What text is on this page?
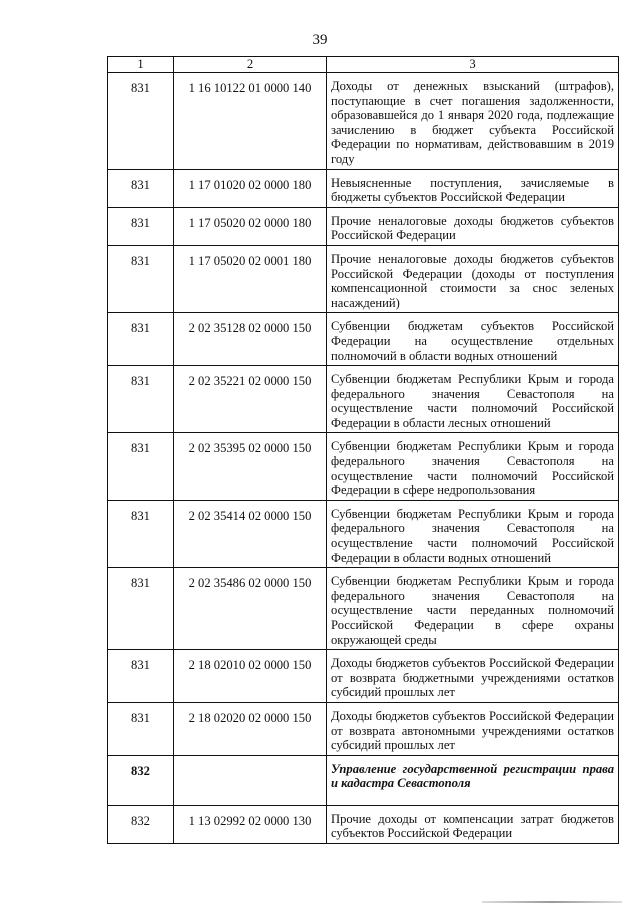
39
1	2	3
831	1 16 10122 01 0000 140	Доходы от денежных взысканий (штрафов), поступающие в счет погашения задолженности, образовавшейся до 1 января 2020 года, подлежащие зачислению в бюджет субъекта Российской Федерации по нормативам, действовавшим в 2019 году
831	1 17 01020 02 0000 180	Невыясненные поступления, зачисляемые в бюджеты субъектов Российской Федерации
831	1 17 05020 02 0000 180	Прочие неналоговые доходы бюджетов субъектов Российской Федерации
831	1 17 05020 02 0001 180	Прочие неналоговые доходы бюджетов субъектов Российской Федерации (доходы от поступления компенсационной стоимости за снос зеленых насаждений)
831	2 02 35128 02 0000 150	Субвенции бюджетам субъектов Российской Федерации на осуществление отдельных полномочий в области водных отношений
831	2 02 35221 02 0000 150	Субвенции бюджетам Республики Крым и города федерального значения Севастополя на осуществление части полномочий Российской Федерации в области лесных отношений
831	2 02 35395 02 0000 150	Субвенции бюджетам Республики Крым и города федерального значения Севастополя на осуществление части полномочий Российской Федерации в сфере недропользования
831	2 02 35414 02 0000 150	Субвенции бюджетам Республики Крым и города федерального значения Севастополя на осуществление части полномочий Российской Федерации в области водных отношений
831	2 02 35486 02 0000 150	Субвенции бюджетам Республики Крым и города федерального значения Севастополя на осуществление части переданных полномочий Российской Федерации в сфере охраны окружающей среды
831	2 18 02010 02 0000 150	Доходы бюджетов субъектов Российской Федерации от возврата бюджетными учреждениями остатков субсидий прошлых лет
831	2 18 02020 02 0000 150	Доходы бюджетов субъектов Российской Федерации от возврата автономными учреждениями остатков субсидий прошлых лет
832		Управление государственной регистрации права и кадастра Севастополя
832	1 13 02992 02 0000 130	Прочие доходы от компенсации затрат бюджетов субъектов Российской Федерации
